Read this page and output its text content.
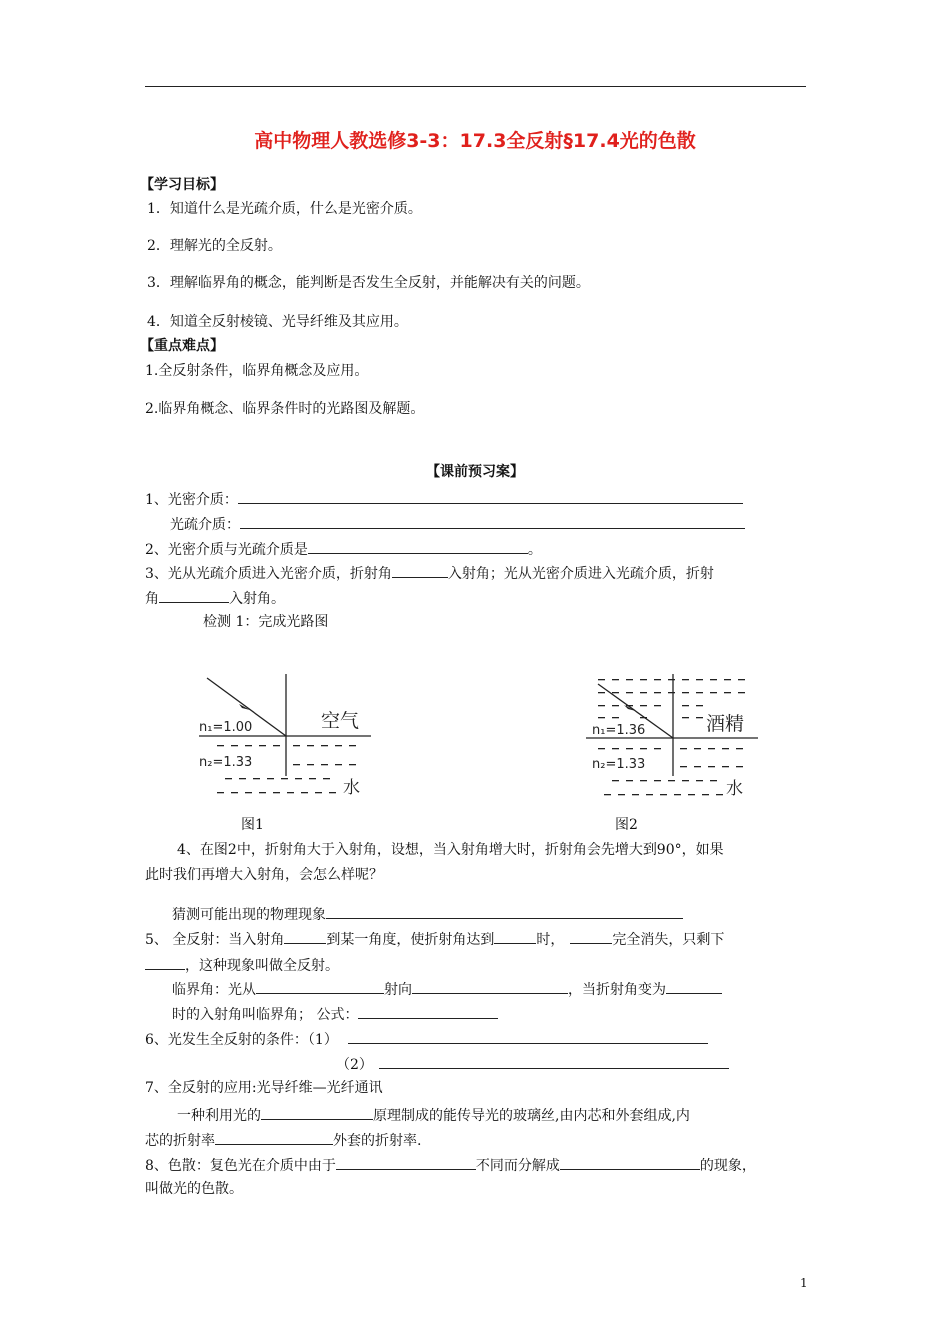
高中物理人教选修3-3：17.3全反射§17.4光的色散
【学习目标】
1．知道什么是光疏介质，什么是光密介质。
2．理解光的全反射。
3．理解临界角的概念，能判断是否发生全反射，并能解决有关的问题。
4．知道全反射棱镜、光导纤维及其应用。
【重点难点】
1.全反射条件，临界角概念及应用。
2.临界角概念、临界条件时的光路图及解题。
【课前预习案】
1、光密介质：
光疏介质：
2、光密介质与光疏介质是	。
3、光从光疏介质进入光密介质，折射角	入射角；光从光密介质进入光疏介质，折射
角	入射角。
检测 1：完成光路图
n₁=1.00
n₂=1.33
空气
水
n₁=1.36
n₂=1.33
酒精
水
图1	图2
4、在图2中，折射角大于入射角，设想，当入射角增大时，折射角会先增大到90°，如果
此时我们再增大入射角，会怎么样呢？
猜测可能出现的物理现象
5、 全反射：当入射角	到某一角度，使折射角达到	时，	完全消失，只剩下
，这种现象叫做全反射。
临界角：光从	射向	，当折射角变为
时的入射角叫临界角； 公式：
6、光发生全反射的条件：（1）
（2）
7、全反射的应用:光导纤维—光纤通讯
一种利用光的	原理制成的能传导光的玻璃丝,由内芯和外套组成,内
芯的折射率	外套的折射率.
8、色散：复色光在介质中由于	不同而分解成	的现象，
叫做光的色散。
1
